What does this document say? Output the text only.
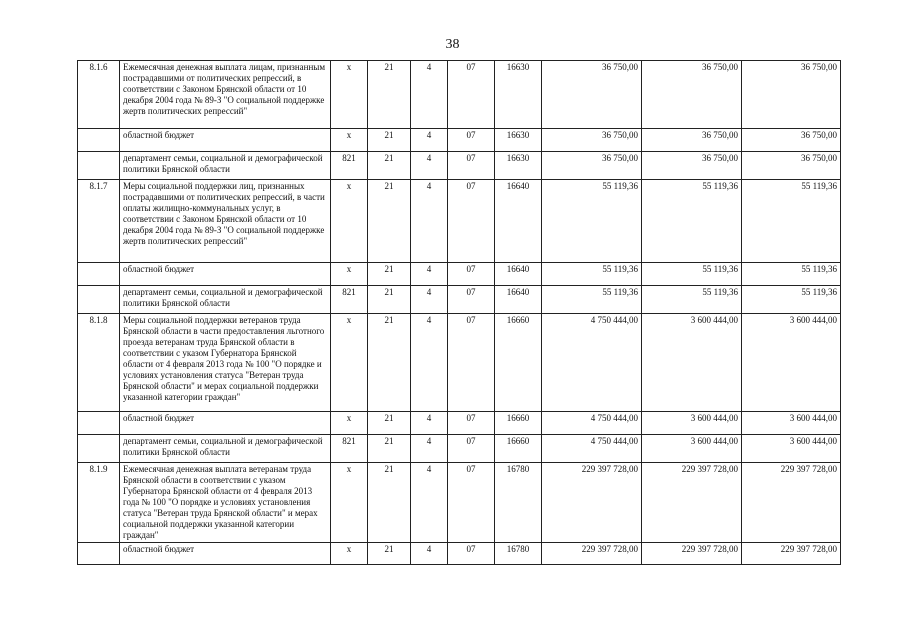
38
8.1.6	Ежемесячная денежная выплата лицам, признанным пострадавшими от политических репрессий, в соответствии с Законом Брянской области от 10 декабря 2004 года № 89-З "О социальной поддержке жертв политических репрессий"	х	21	4	07	16630	36 750,00	36 750,00	36 750,00
	областной бюджет	х	21	4	07	16630	36 750,00	36 750,00	36 750,00
	департамент семьи, социальной и демографической политики Брянской области	821	21	4	07	16630	36 750,00	36 750,00	36 750,00
8.1.7	Меры социальной поддержки лиц, признанных пострадавшими от политических репрессий, в части оплаты жилищно-коммунальных услуг, в соответствии с Законом Брянской области от 10 декабря 2004 года № 89-З "О социальной поддержке жертв политических репрессий"	х	21	4	07	16640	55 119,36	55 119,36	55 119,36
	областной бюджет	х	21	4	07	16640	55 119,36	55 119,36	55 119,36
	департамент семьи, социальной и демографической политики Брянской области	821	21	4	07	16640	55 119,36	55 119,36	55 119,36
8.1.8	Меры социальной поддержки ветеранов труда Брянской области в части предоставления льготного проезда ветеранам труда Брянской области в соответствии с указом Губернатора Брянской области от 4 февраля 2013 года № 100 "О порядке и условиях установления статуса "Ветеран труда Брянской области" и мерах социальной поддержки указанной категории граждан"	х	21	4	07	16660	4 750 444,00	3 600 444,00	3 600 444,00
	областной бюджет	х	21	4	07	16660	4 750 444,00	3 600 444,00	3 600 444,00
	департамент семьи, социальной и демографической политики Брянской области	821	21	4	07	16660	4 750 444,00	3 600 444,00	3 600 444,00
8.1.9	Ежемесячная денежная выплата ветеранам труда Брянской области в соответствии с указом Губернатора Брянской области от 4 февраля 2013 года № 100 "О порядке и условиях установления статуса "Ветеран труда Брянской области" и мерах социальной поддержки указанной категории граждан"	х	21	4	07	16780	229 397 728,00	229 397 728,00	229 397 728,00
	областной бюджет	х	21	4	07	16780	229 397 728,00	229 397 728,00	229 397 728,00
